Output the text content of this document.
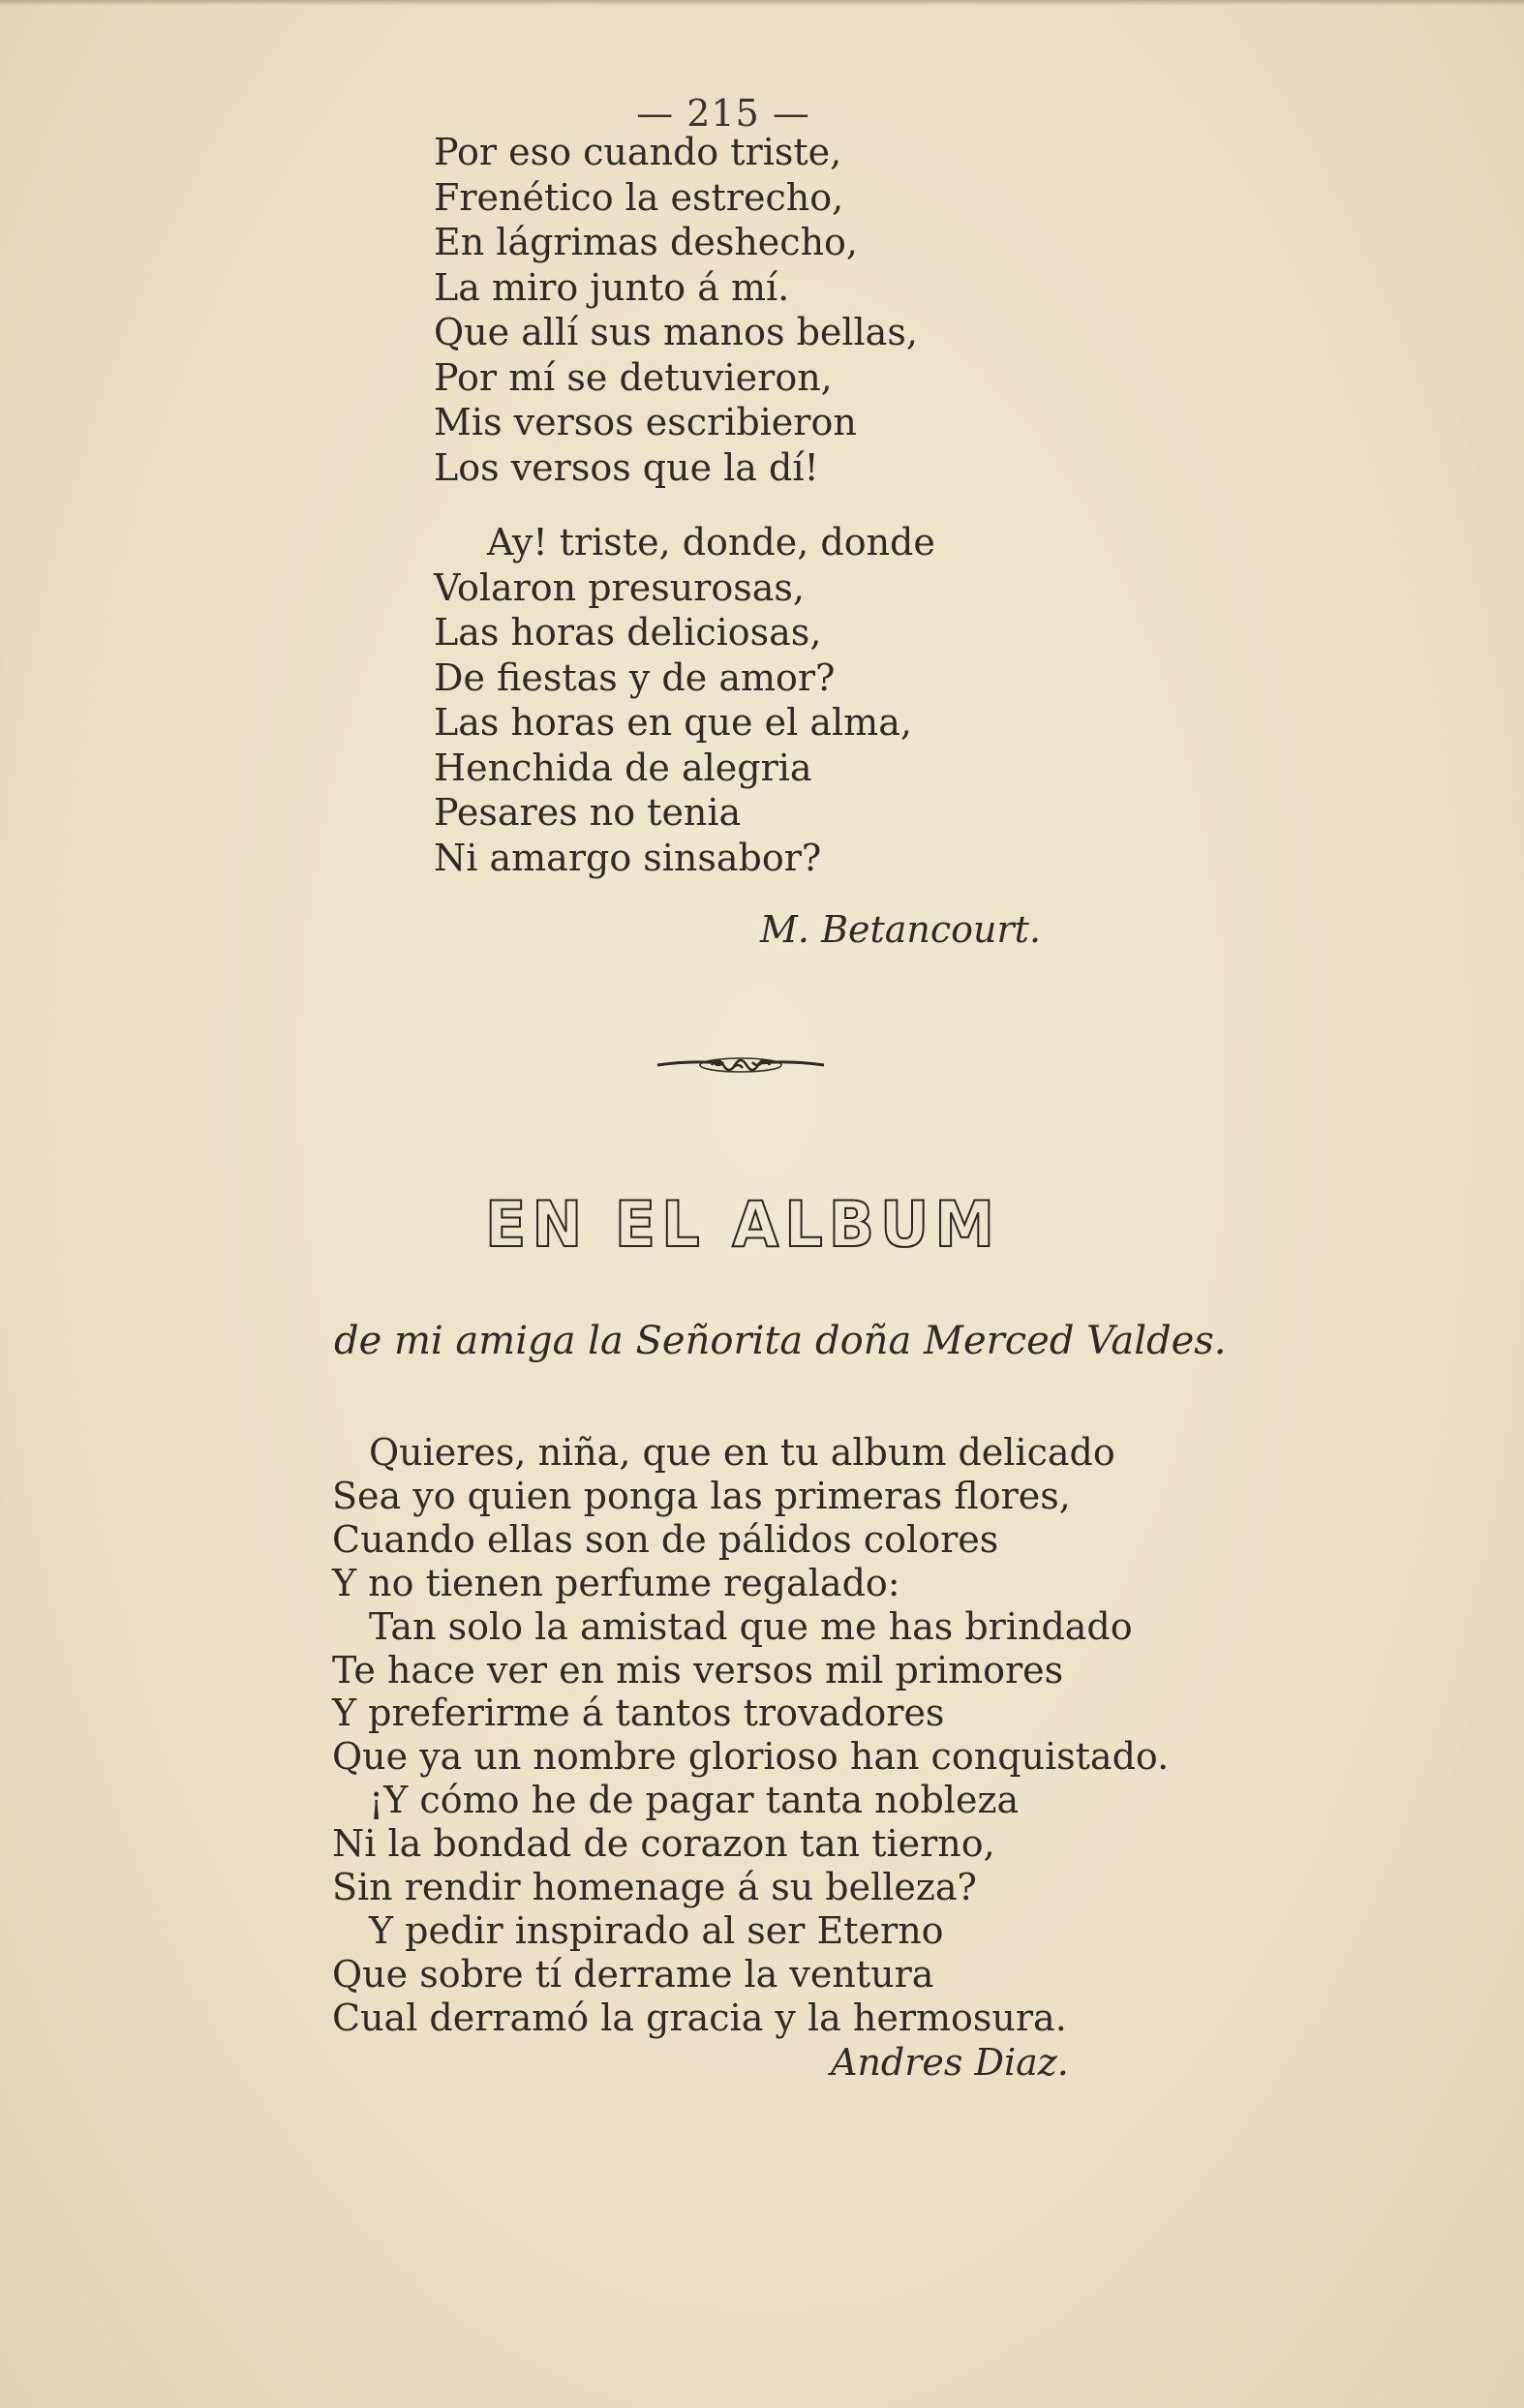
— 215 —
Por eso cuando triste,
Frenético la estrecho,
En lágrimas deshecho,
La miro junto á mí.
Que allí sus manos bellas,
Por mí se detuvieron,
Mis versos escribieron
Los versos que la dí!
Ay! triste, donde, donde
Volaron presurosas,
Las horas deliciosas,
De fiestas y de amor?
Las horas en que el alma,
Henchida de alegria
Pesares no tenia
Ni amargo sinsabor?
M. Betancourt.
EN EL ALBUM
de mi amiga la Señorita doña Merced Valdes.
Quieres, niña, que en tu album delicado
Sea yo quien ponga las primeras flores,
Cuando ellas son de pálidos colores
Y no tienen perfume regalado:
Tan solo la amistad que me has brindado
Te hace ver en mis versos mil primores
Y preferirme á tantos trovadores
Que ya un nombre glorioso han conquistado.
¡Y cómo he de pagar tanta nobleza
Ni la bondad de corazon tan tierno,
Sin rendir homenage á su belleza?
Y pedir inspirado al ser Eterno
Que sobre tí derrame la ventura
Cual derramó la gracia y la hermosura.
Andres Diaz.
